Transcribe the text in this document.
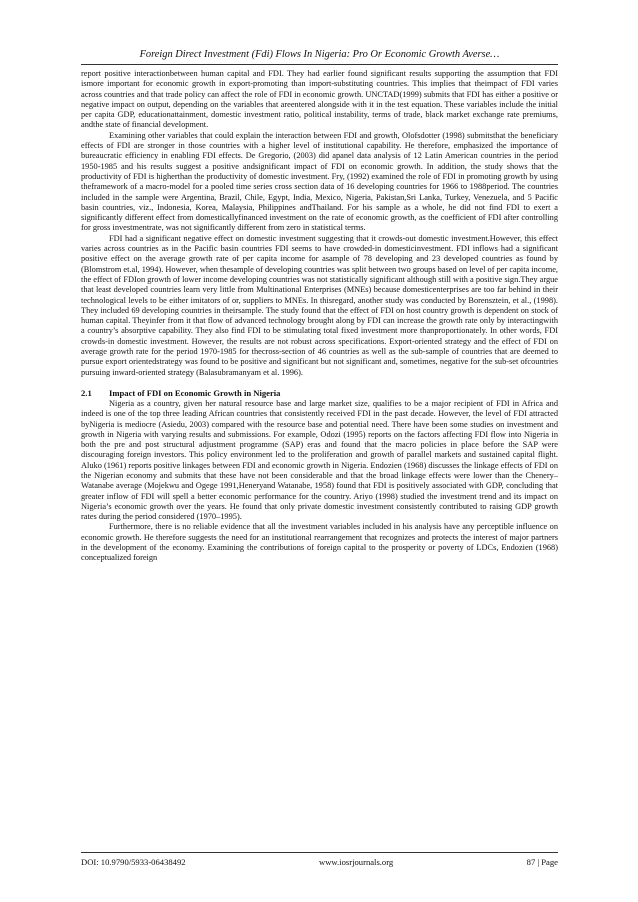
Foreign Direct Investment (Fdi) Flows In Nigeria: Pro Or Economic Growth Averse…

report positive interactionbetween human capital and FDI. They had earlier found significant results supporting the assumption that FDI ismore important for economic growth in export-promoting than import-substituting countries. This implies that theimpact of FDI varies across countries and that trade policy can affect the role of FDI in economic growth. UNCTAD(1999) submits that FDI has either a positive or negative impact on output, depending on the variables that areentered alongside with it in the test equation. These variables include the initial per capita GDP, educationattainment, domestic investment ratio, political instability, terms of trade, black market exchange rate premiums, andthe state of financial development.

Examining other variables that could explain the interaction between FDI and growth, Olofsdotter (1998) submitsthat the beneficiary effects of FDI are stronger in those countries with a higher level of institutional capability. He therefore, emphasized the importance of bureaucratic efficiency in enabling FDI effects. De Gregorio, (2003) did apanel data analysis of 12 Latin American countries in the period 1950-1985 and his results suggest a positive andsignificant impact of FDI on economic growth. In addition, the study shows that the productivity of FDI is higherthan the productivity of domestic investment. Fry, (1992) examined the role of FDI in promoting growth by using theframework of a macro-model for a pooled time series cross section data of 16 developing countries for 1966 to 1988period. The countries included in the sample were Argentina, Brazil, Chile, Egypt, India, Mexico, Nigeria, Pakistan,Sri Lanka, Turkey, Venezuela, and 5 Pacific basin countries, viz., Indonesia, Korea, Malaysia, Philippines andThailand. For his sample as a whole, he did not find FDI to exert a significantly different effect from domesticallyfinanced investment on the rate of economic growth, as the coefficient of FDI after controlling for gross investmentrate, was not significantly different from zero in statistical terms.

FDI had a significant negative effect on domestic investment suggesting that it crowds-out domestic investment.However, this effect varies across countries as in the Pacific basin countries FDI seems to have crowded-in domesticinvestment. FDI inflows had a significant positive effect on the average growth rate of per capita income for asample of 78 developing and 23 developed countries as found by (Blomstrom et.al, 1994). However, when thesample of developing countries was split between two groups based on level of per capita income, the effect of FDIon growth of lower income developing countries was not statistically significant although still with a positive sign.They argue that least developed countries learn very little from Multinational Enterprises (MNEs) because domesticenterprises are too far behind in their technological levels to be either imitators of or, suppliers to MNEs. In thisregard, another study was conducted by Borensztein, et al., (1998). They included 69 developing countries in theirsample. The study found that the effect of FDI on host country growth is dependent on stock of human capital. Theyinfer from it that flow of advanced technology brought along by FDI can increase the growth rate only by interactingwith a country’s absorptive capability. They also find FDI to be stimulating total fixed investment more thanproportionately. In other words, FDI crowds-in domestic investment. However, the results are not robust across specifications. Export-oriented strategy and the effect of FDI on average growth rate for the period 1970-1985 for thecross-section of 46 countries as well as the sub-sample of countries that are deemed to pursue export orientedstrategy was found to be positive and significant but not significant and, sometimes, negative for the sub-set ofcountries pursuing inward-oriented strategy (Balasubramanyam et al. 1996).

2.1 Impact of FDI on Economic Growth in Nigeria

Nigeria as a country, given her natural resource base and large market size, qualifies to be a major recipient of FDI in Africa and indeed is one of the top three leading African countries that consistently received FDI in the past decade. However, the level of FDI attracted byNigeria is mediocre (Asiedu, 2003) compared with the resource base and potential need. There have been some studies on investment and growth in Nigeria with varying results and submissions. For example, Odozi (1995) reports on the factors affecting FDI flow into Nigeria in both the pre and post structural adjustment programme (SAP) eras and found that the macro policies in place before the SAP were discouraging foreign investors. This policy environment led to the proliferation and growth of parallel markets and sustained capital flight. Aluko (1961) reports positive linkages between FDI and economic growth in Nigeria. Endozien (1968) discusses the linkage effects of FDI on the Nigerian economy and submits that these have not been considerable and that the broad linkage effects were lower than the Chenery– Watanabe average (Mojekwu and Ogege 1991,Heneryand Watanabe, 1958) found that FDI is positively associated with GDP, concluding that greater inflow of FDI will spell a better economic performance for the country. Ariyo (1998) studied the investment trend and its impact on Nigeria’s economic growth over the years. He found that only private domestic investment consistently contributed to raising GDP growth rates during the period considered (1970–1995).

Furthermore, there is no reliable evidence that all the investment variables included in his analysis have any perceptible influence on economic growth. He therefore suggests the need for an institutional rearrangement that recognizes and protects the interest of major partners in the development of the economy. Examining the contributions of foreign capital to the prosperity or poverty of LDCs, Endozien (1968) conceptualized foreign

DOI: 10.9790/5933-06438492	www.iosrjournals.org	87 | Page
